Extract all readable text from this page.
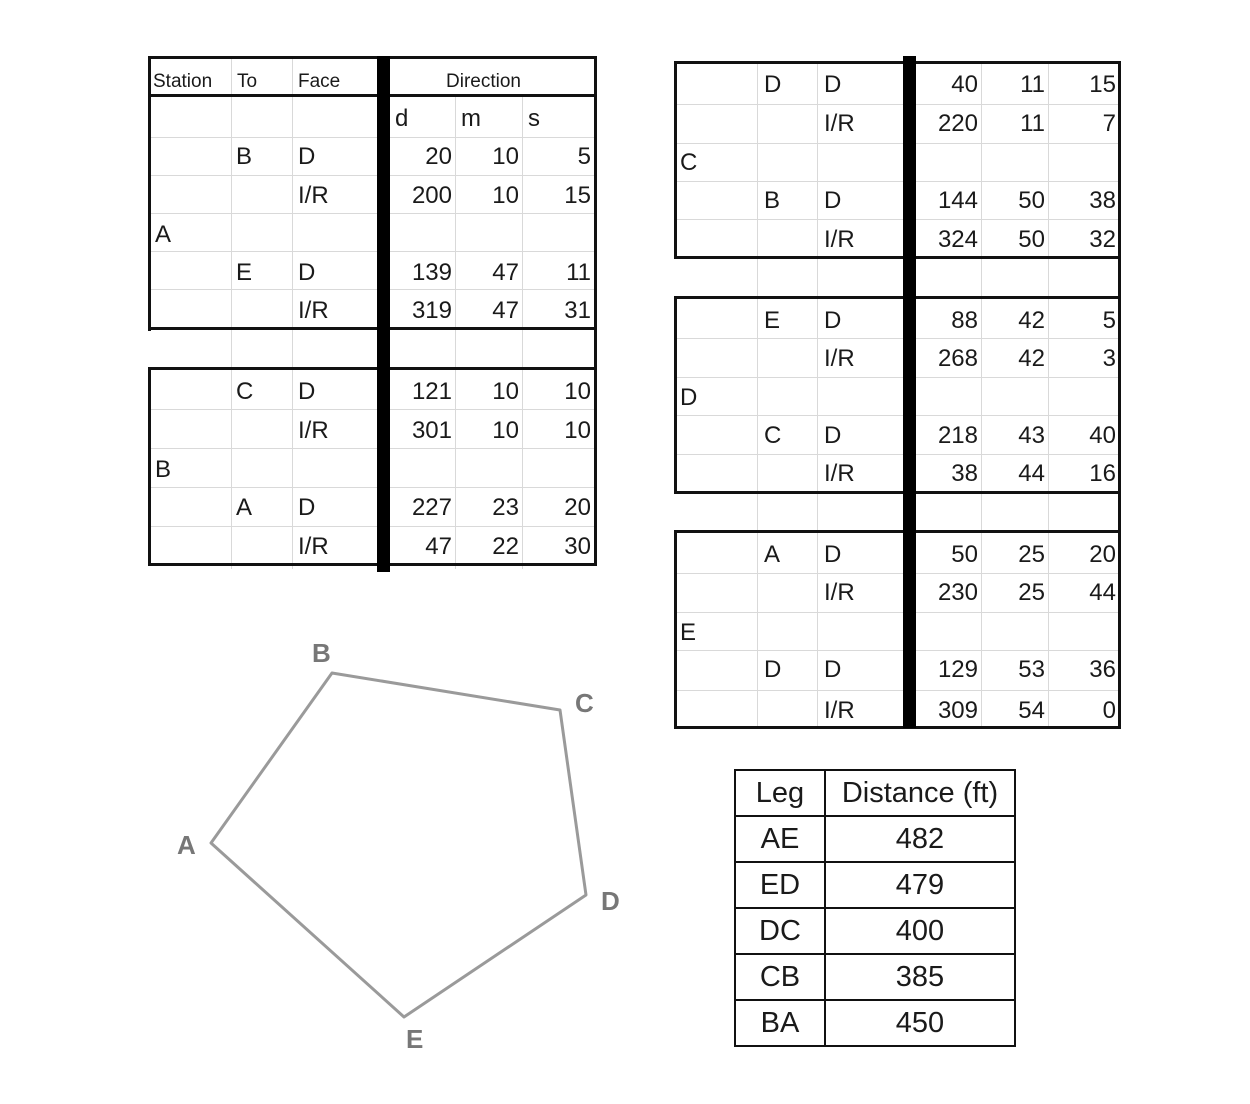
Station To Face	Direction
d m s
A
B D	20	10	5
I/R	200	10	15
E D	139	47	11
I/R	319	47	31
B
C D	121	10	10
I/R	301	10	10
A D	227	23	20
I/R	47	22	30
C
D D	40	11	15
I/R	220	11	7
B D	144	50	38
I/R	324	50	32
D
E D	88	42	5
I/R	268	42	3
C D	218	43	40
I/R	38	44	16
E
A D	50	25	20
I/R	230	25	44
D D	129	53	36
I/R	309	54	0
B
C
A
D
E
Leg	Distance (ft)
AE	482
ED	479
DC	400
CB	385
BA	450
